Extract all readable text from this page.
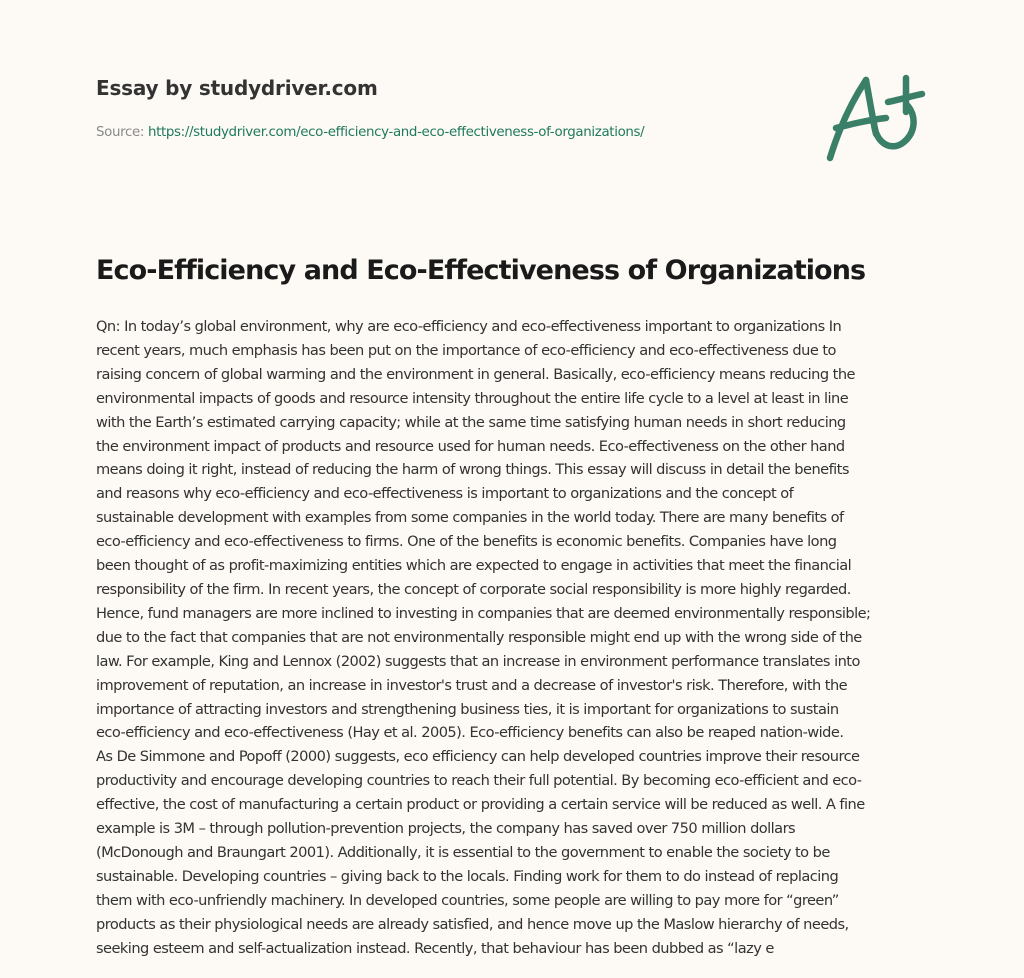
Essay by studydriver.com
Source: https://studydriver.com/eco-efficiency-and-eco-effectiveness-of-organizations/
Eco-Efficiency and Eco-Effectiveness of Organizations
Qn: In today’s global environment, why are eco-efficiency and eco-effectiveness important to organizations In
recent years, much emphasis has been put on the importance of eco-efficiency and eco-effectiveness due to
raising concern of global warming and the environment in general. Basically, eco-efficiency means reducing the
environmental impacts of goods and resource intensity throughout the entire life cycle to a level at least in line
with the Earth’s estimated carrying capacity; while at the same time satisfying human needs in short reducing
the environment impact of products and resource used for human needs. Eco-effectiveness on the other hand
means doing it right, instead of reducing the harm of wrong things. This essay will discuss in detail the benefits
and reasons why eco-efficiency and eco-effectiveness is important to organizations and the concept of
sustainable development with examples from some companies in the world today. There are many benefits of
eco-efficiency and eco-effectiveness to firms. One of the benefits is economic benefits. Companies have long
been thought of as profit-maximizing entities which are expected to engage in activities that meet the financial
responsibility of the firm. In recent years, the concept of corporate social responsibility is more highly regarded.
Hence, fund managers are more inclined to investing in companies that are deemed environmentally responsible;
due to the fact that companies that are not environmentally responsible might end up with the wrong side of the
law. For example, King and Lennox (2002) suggests that an increase in environment performance translates into
improvement of reputation, an increase in investor's trust and a decrease of investor's risk. Therefore, with the
importance of attracting investors and strengthening business ties, it is important for organizations to sustain
eco-efficiency and eco-effectiveness (Hay et al. 2005). Eco-efficiency benefits can also be reaped nation-wide.
As De Simmone and Popoff (2000) suggests, eco efficiency can help developed countries improve their resource
productivity and encourage developing countries to reach their full potential. By becoming eco-efficient and eco-
effective, the cost of manufacturing a certain product or providing a certain service will be reduced as well. A fine
example is 3M – through pollution-prevention projects, the company has saved over 750 million dollars
(McDonough and Braungart 2001). Additionally, it is essential to the government to enable the society to be
sustainable. Developing countries – giving back to the locals. Finding work for them to do instead of replacing
them with eco-unfriendly machinery. In developed countries, some people are willing to pay more for “green”
products as their physiological needs are already satisfied, and hence move up the Maslow hierarchy of needs,
seeking esteem and self-actualization instead. Recently, that behaviour has been dubbed as “lazy e
